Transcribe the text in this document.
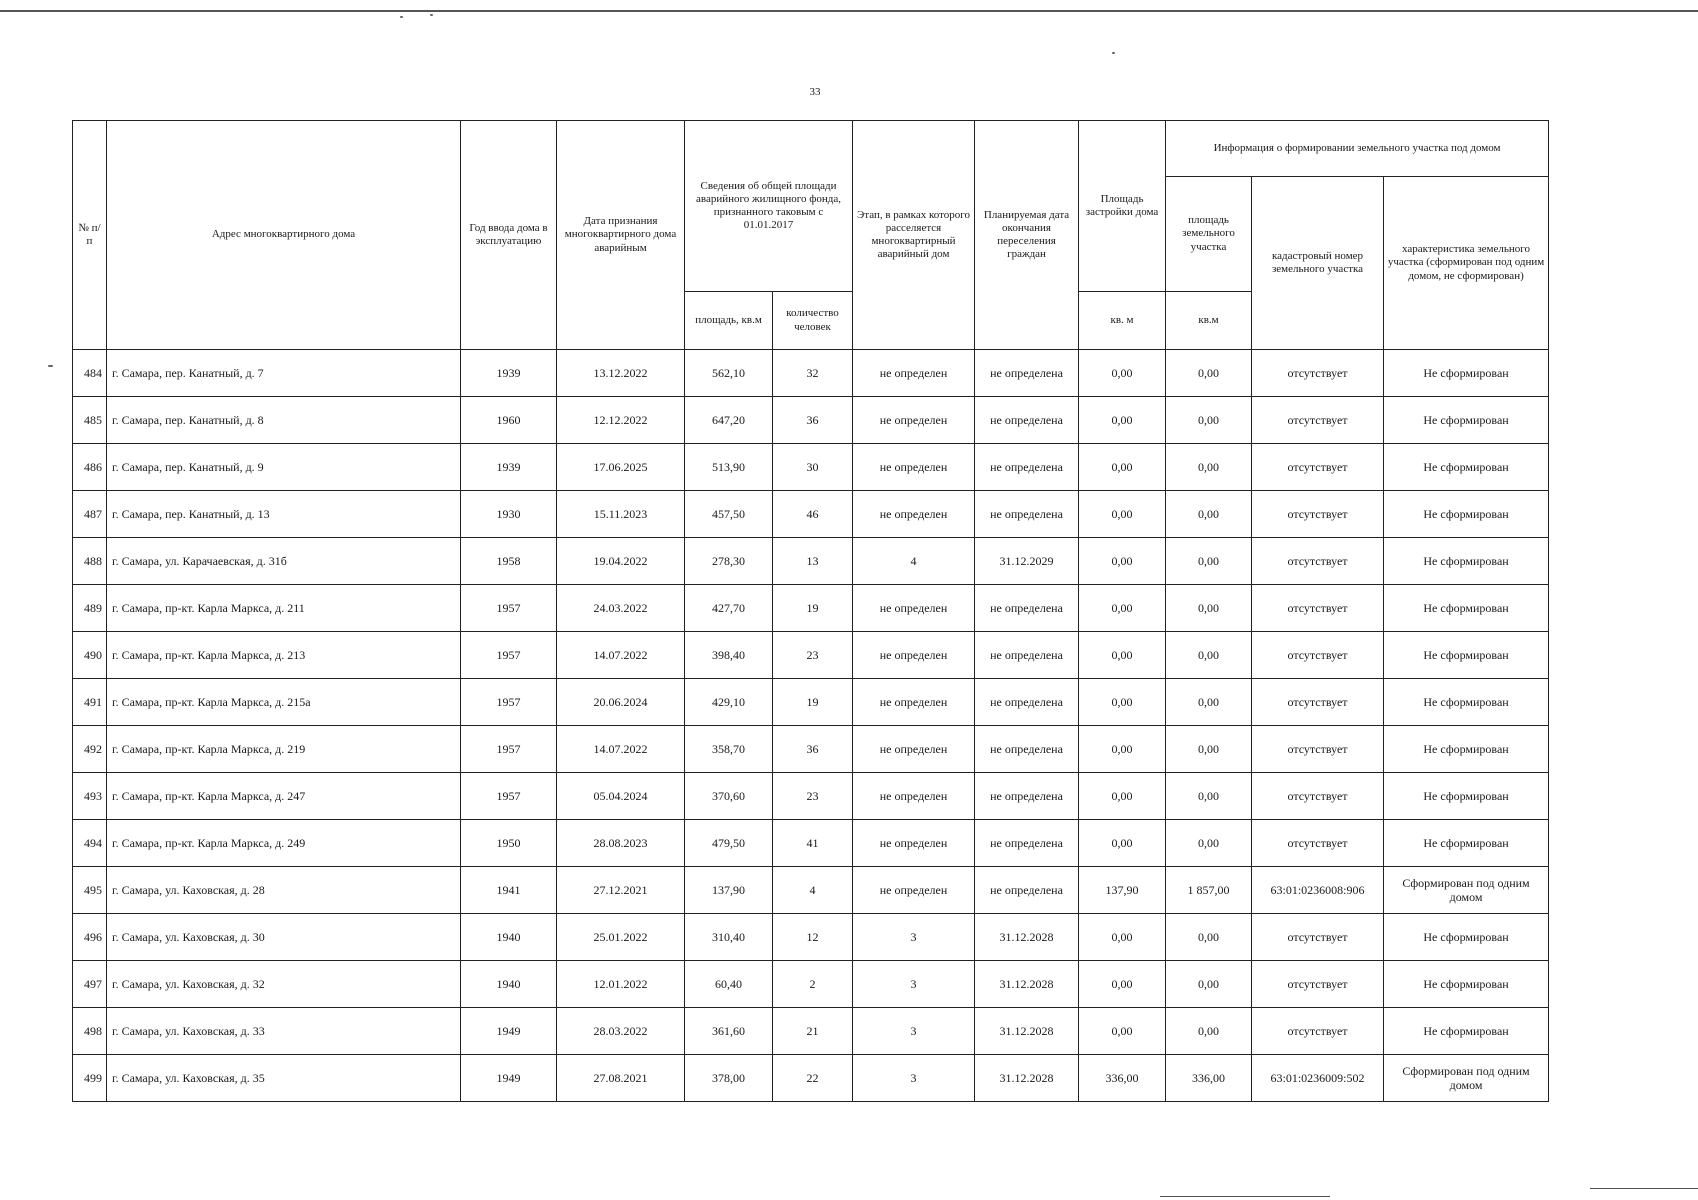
33
№ п/п	Адрес многоквартирного дома	Год ввода дома в эксплуатацию	Дата признания многоквартирного дома аварийным	Сведения об общей площади аварийного жилищного фонда, признанного таковым с 01.01.2017		Этап, в рамках которого расселяется многоквартирный аварийный дом	Планируемая дата окончания переселения граждан	Площадь застройки дома	Информация о формировании земельного участка под домом		
									площадь земельного участка	кадастровый номер земельного участка	характеристика земельного участка (сформирован под одним домом, не сформирован)
				площадь, кв.м	количество человек			кв. м	кв.м		
484	г. Самара, пер. Канатный, д. 7	1939	13.12.2022	562,10	32	не определен	не определена	0,00	0,00	отсутствует	Не сформирован
485	г. Самара, пер. Канатный, д. 8	1960	12.12.2022	647,20	36	не определен	не определена	0,00	0,00	отсутствует	Не сформирован
486	г. Самара, пер. Канатный, д. 9	1939	17.06.2025	513,90	30	не определен	не определена	0,00	0,00	отсутствует	Не сформирован
487	г. Самара, пер. Канатный, д. 13	1930	15.11.2023	457,50	46	не определен	не определена	0,00	0,00	отсутствует	Не сформирован
488	г. Самара, ул. Карачаевская, д. 31б	1958	19.04.2022	278,30	13	4	31.12.2029	0,00	0,00	отсутствует	Не сформирован
489	г. Самара, пр-кт. Карла Маркса, д. 211	1957	24.03.2022	427,70	19	не определен	не определена	0,00	0,00	отсутствует	Не сформирован
490	г. Самара, пр-кт. Карла Маркса, д. 213	1957	14.07.2022	398,40	23	не определен	не определена	0,00	0,00	отсутствует	Не сформирован
491	г. Самара, пр-кт. Карла Маркса, д. 215а	1957	20.06.2024	429,10	19	не определен	не определена	0,00	0,00	отсутствует	Не сформирован
492	г. Самара, пр-кт. Карла Маркса, д. 219	1957	14.07.2022	358,70	36	не определен	не определена	0,00	0,00	отсутствует	Не сформирован
493	г. Самара, пр-кт. Карла Маркса, д. 247	1957	05.04.2024	370,60	23	не определен	не определена	0,00	0,00	отсутствует	Не сформирован
494	г. Самара, пр-кт. Карла Маркса, д. 249	1950	28.08.2023	479,50	41	не определен	не определена	0,00	0,00	отсутствует	Не сформирован
495	г. Самара, ул. Каховская, д. 28	1941	27.12.2021	137,90	4	не определен	не определена	137,90	1 857,00	63:01:0236008:906	Сформирован под одним домом
496	г. Самара, ул. Каховская, д. 30	1940	25.01.2022	310,40	12	3	31.12.2028	0,00	0,00	отсутствует	Не сформирован
497	г. Самара, ул. Каховская, д. 32	1940	12.01.2022	60,40	2	3	31.12.2028	0,00	0,00	отсутствует	Не сформирован
498	г. Самара, ул. Каховская, д. 33	1949	28.03.2022	361,60	21	3	31.12.2028	0,00	0,00	отсутствует	Не сформирован
499	г. Самара, ул. Каховская, д. 35	1949	27.08.2021	378,00	22	3	31.12.2028	336,00	336,00	63:01:0236009:502	Сформирован под одним домом
